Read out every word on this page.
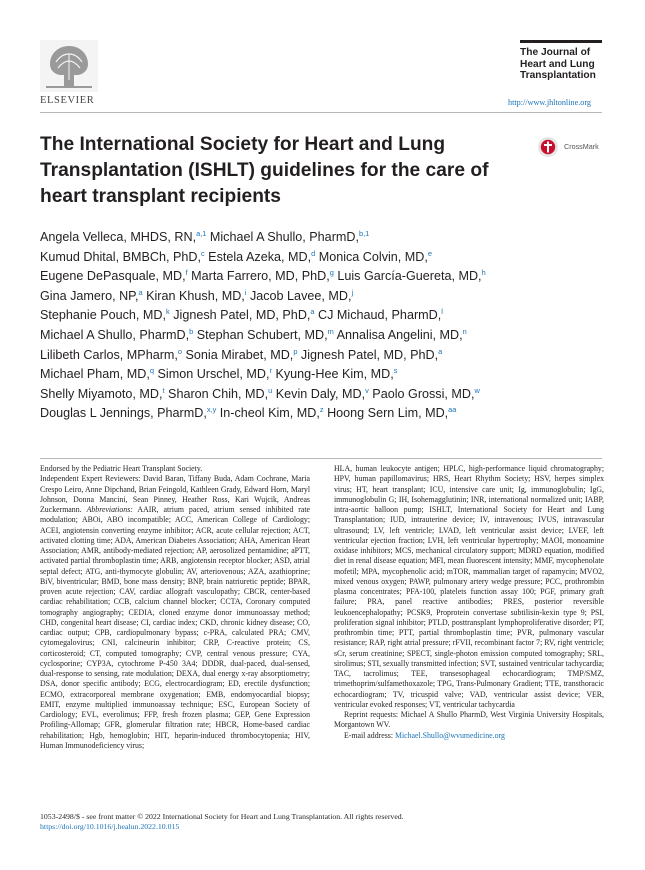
ELSEVIER
The Journal of
Heart and Lung
Transplantation
http://www.jhltonline.org
The International Society for Heart and Lung Transplantation (ISHLT) guidelines for the care of heart transplant recipients
CrossMark
Angela Velleca, MHDS, RN,$^{a,1}$ Michael A Shullo, PharmD,$^{b,1}$
Kumud Dhital, BMBCh, PhD,$^c$ Estela Azeka, MD,$^d$ Monica Colvin, MD,$^e$
Eugene DePasquale, MD,$^f$ Marta Farrero, MD, PhD,$^g$ Luis García-Guereta, MD,$^h$
Gina Jamero, NP,$^a$ Kiran Khush, MD,$^i$ Jacob Lavee, MD,$^j$
Stephanie Pouch, MD,$^k$ Jignesh Patel, MD, PhD,$^a$ CJ Michaud, PharmD,$^l$
Michael A Shullo, PharmD,$^b$ Stephan Schubert, MD,$^m$ Annalisa Angelini, MD,$^n$
Lilibeth Carlos, MPharm,$^o$ Sonia Mirabet, MD,$^p$ Jignesh Patel, MD, PhD,$^a$
Michael Pham, MD,$^q$ Simon Urschel, MD,$^r$ Kyung-Hee Kim, MD,$^s$
Shelly Miyamoto, MD,$^t$ Sharon Chih, MD,$^u$ Kevin Daly, MD,$^v$ Paolo Grossi, MD,$^w$
Douglas L Jennings, PharmD,$^{x,y}$ In-cheol Kim, MD,$^z$ Hoong Sern Lim, MD,$^{aa}$

Endorsed by the Pediatric Heart Transplant Society.

Independent Expert Reviewers: David Baran, Tiffany Buda, Adam Cochrane, Maria Crespo Leiro, Anne Dipchand, Brian Feingold, Kathleen Grady, Edward Horn, Maryl Johnson, Donna Mancini, Sean Pinney, Heather Ross, Kari Wujcik, Andreas Zuckermann. Abbreviations: AAIR, atrium paced, atrium sensed inhibited rate modulation; ABOi, ABO incompatible; ACC, American College of Cardiology; ACEI, angiotensin converting enzyme inhibitor; ACR, acute cellular rejection; ACT, activated clotting time; ADA, American Diabetes Association; AHA, American Heart Association; AMR, antibody-mediated rejection; AP, aerosolized pentamidine; aPTT, activated partial thromboplastin time; ARB, angiotensin receptor blocker; ASD, atrial septal defect; ATG, anti-thymocyte globulin; AV, arteriovenous; AZA, azathioprine; BiV, biventricular; BMD, bone mass density; BNP, brain natriuretic peptide; BPAR, proven acute rejection; CAV, cardiac allograft vasculopathy; CBCR, center-based cardiac rehabilitation; CCB, calcium channel blocker; CCTA, Coronary computed tomography angiography; CEDIA, cloned enzyme donor immunoassay method; CHD, congenital heart disease; CI, cardiac index; CKD, chronic kidney disease; CO, cardiac output; CPB, cardiopulmonary bypass; c-PRA, calculated PRA; CMV, cytomegalovirus; CNI, calcineurin inhibitor; CRP, C-reactive protein; CS, corticosteroid; CT, computed tomography; CVP, central venous pressure; CYA, cyclosporine; CYP3A, cytochrome P-450 3A4; DDDR, dual-paced, dual-sensed, dual-response to sensing, rate modulation; DEXA, dual energy x-ray absorptiometry; DSA, donor specific antibody; ECG, electrocardiogram; ED, erectile dysfunction; ECMO, extracorporeal membrane oxygenation; EMB, endomyocardial biopsy; EMIT, enzyme multiplied immunoassay technique; ESC, European Society of Cardiology; EVL, everolimus; FFP, fresh frozen plasma; GEP, Gene Expression Profiling-Allomap; GFR, glomerular filtration rate; HBCR, Home-based cardiac rehabilitation; Hgb, hemoglobin; HIT, heparin-induced thrombocytopenia; HIV, Human Immunodeficiency virus;

HLA, human leukocyte antigen; HPLC, high-performance liquid chromatography; HPV, human papillomavirus; HRS, Heart Rhythm Society; HSV, herpes simplex virus; HT, heart transplant; ICU, intensive care unit; Ig, immunoglobulin; IgG, immunoglobulin G; IH, Isohemagglutinin; INR, international normalized unit; IABP, intra-aortic balloon pump; ISHLT, International Society for Heart and Lung Transplantation; IUD, intrauterine device; IV, intravenous; IVUS, intravascular ultrasound; LV, left ventricle; LVAD, left ventricular assist device; LVEF, left ventricular ejection fraction; LVH, left ventricular hypertrophy; MAOI, monoamine oxidase inhibitors; MCS, mechanical circulatory support; MDRD equation, modified diet in renal disease equation; MFI, mean fluorescent intensity; MMF, mycophenolate mofetil; MPA, mycophenolic acid; mTOR, mammalian target of rapamycin; MVO2, mixed venous oxygen; PAWP, pulmonary artery wedge pressure; PCC, prothrombin plasma concentrates; PFA-100, platelets function assay 100; PGF, primary graft failure; PRA, panel reactive antibodies; PRES, posterior reversible leukoencephalopathy; PCSK9, Proprotein convertase subtilisin-kexin type 9; PSI, proliferation signal inhibitor; PTLD, posttransplant lymphoproliferative disorder; PT, prothrombin time; PTT, partial thromboplastin time; PVR, pulmonary vascular resistance; RAP, right atrial pressure; rFVII, recombinant factor 7; RV, right ventricle; sCr, serum creatinine; SPECT, single-photon emission computed tomography; SRL, sirolimus; STI, sexually transmitted infection; SVT, sustained ventricular tachycardia; TAC, tacrolimus; TEE, transesophageal echocardiogram; TMP/SMZ, trimethoprim/sulfamethoxazole; TPG, Trans-Pulmonary Gradient; TTE, transthoracic echocardiogram; TV, tricuspid valve; VAD, ventricular assist device; VER, ventricular evoked responses; VT, ventricular tachycardia

Reprint requests: Michael A Shullo PharmD, West Virginia University Hospitals, Morgantown WV.

E-mail address: Michael.Shullo@wvumedicine.org

1053-2498/$ - see front matter © 2022 International Society for Heart and Lung Transplantation. All rights reserved.
https://doi.org/10.1016/j.healun.2022.10.015
